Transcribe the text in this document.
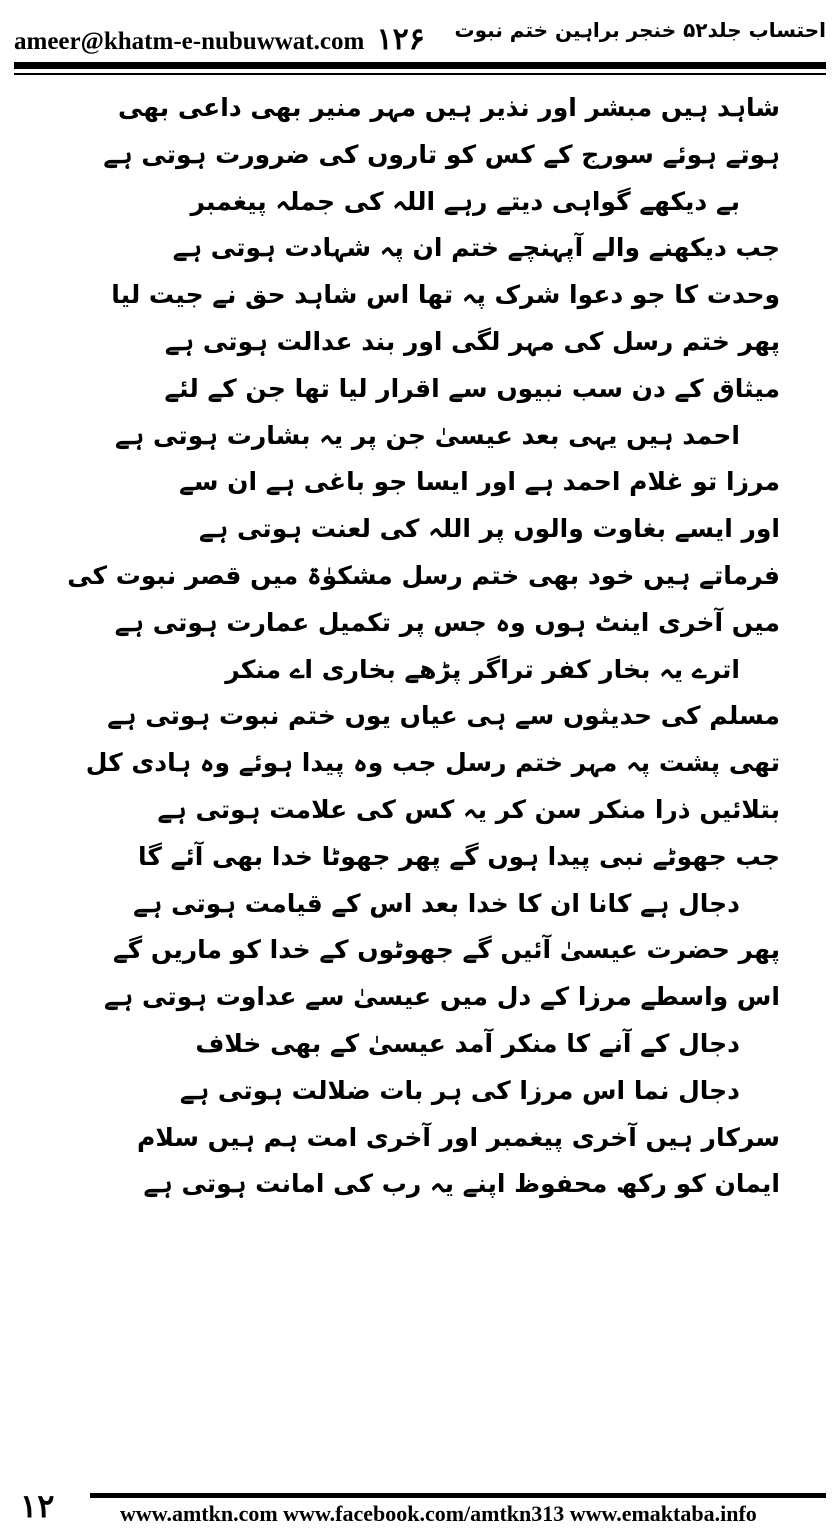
ameer@khatm-e-nubuwwat.com ۱۲۶ احتساب جلد۵۲ خنجر براہین ختم نبوت
شاہد ہیں مبشر اور نذیر ہیں مہر منیر بھی داعی بھی
ہوتے ہوئے سورج کے کس کو تاروں کی ضرورت ہوتی ہے
بے دیکھے گواہی دیتے رہے اللہ کی جملہ پیغمبر
جب دیکھنے والے آپہنچے ختم ان پہ شہادت ہوتی ہے
وحدت کا جو دعوا شرک پہ تھا اس شاہد حق نے جیت لیا
پھر ختم رسل کی مہر لگی اور بند عدالت ہوتی ہے
میثاق کے دن سب نبیوں سے اقرار لیا تھا جن کے لئے
احمد ہیں یہی بعد عیسیٰ جن پر یہ بشارت ہوتی ہے
مرزا تو غلام احمد ہے اور ایسا جو باغی ہے ان سے
اور ایسے بغاوت والوں پر اللہ کی لعنت ہوتی ہے
فرماتے ہیں خود بھی ختم رسل مشکوٰۃ میں قصر نبوت کی
میں آخری اینٹ ہوں وہ جس پر تکمیل عمارت ہوتی ہے
اترے یہ بخار کفر تراگر پڑھے بخاری اے منکر
مسلم کی حدیثوں سے ہی عیاں یوں ختم نبوت ہوتی ہے
تھی پشت پہ مہر ختم رسل جب وہ پیدا ہوئے وہ ہادی کل
بتلائیں ذرا منکر سن کر یہ کس کی علامت ہوتی ہے
جب جھوٹے نبی پیدا ہوں گے پھر جھوٹا خدا بھی آئے گا
دجال ہے کانا ان کا خدا بعد اس کے قیامت ہوتی ہے
پھر حضرت عیسیٰ آئیں گے جھوٹوں کے خدا کو ماریں گے
اس واسطے مرزا کے دل میں عیسیٰ سے عداوت ہوتی ہے
دجال کے آنے کا منکر آمد عیسیٰ کے بھی خلاف
دجال نما اس مرزا کی ہر بات ضلالت ہوتی ہے
سرکار ہیں آخری پیغمبر اور آخری امت ہم ہیں سلام
ایمان کو رکھ محفوظ اپنے یہ رب کی امانت ہوتی ہے
۱۲	www.amtkn.com www.facebook.com/amtkn313 www.emaktaba.info
